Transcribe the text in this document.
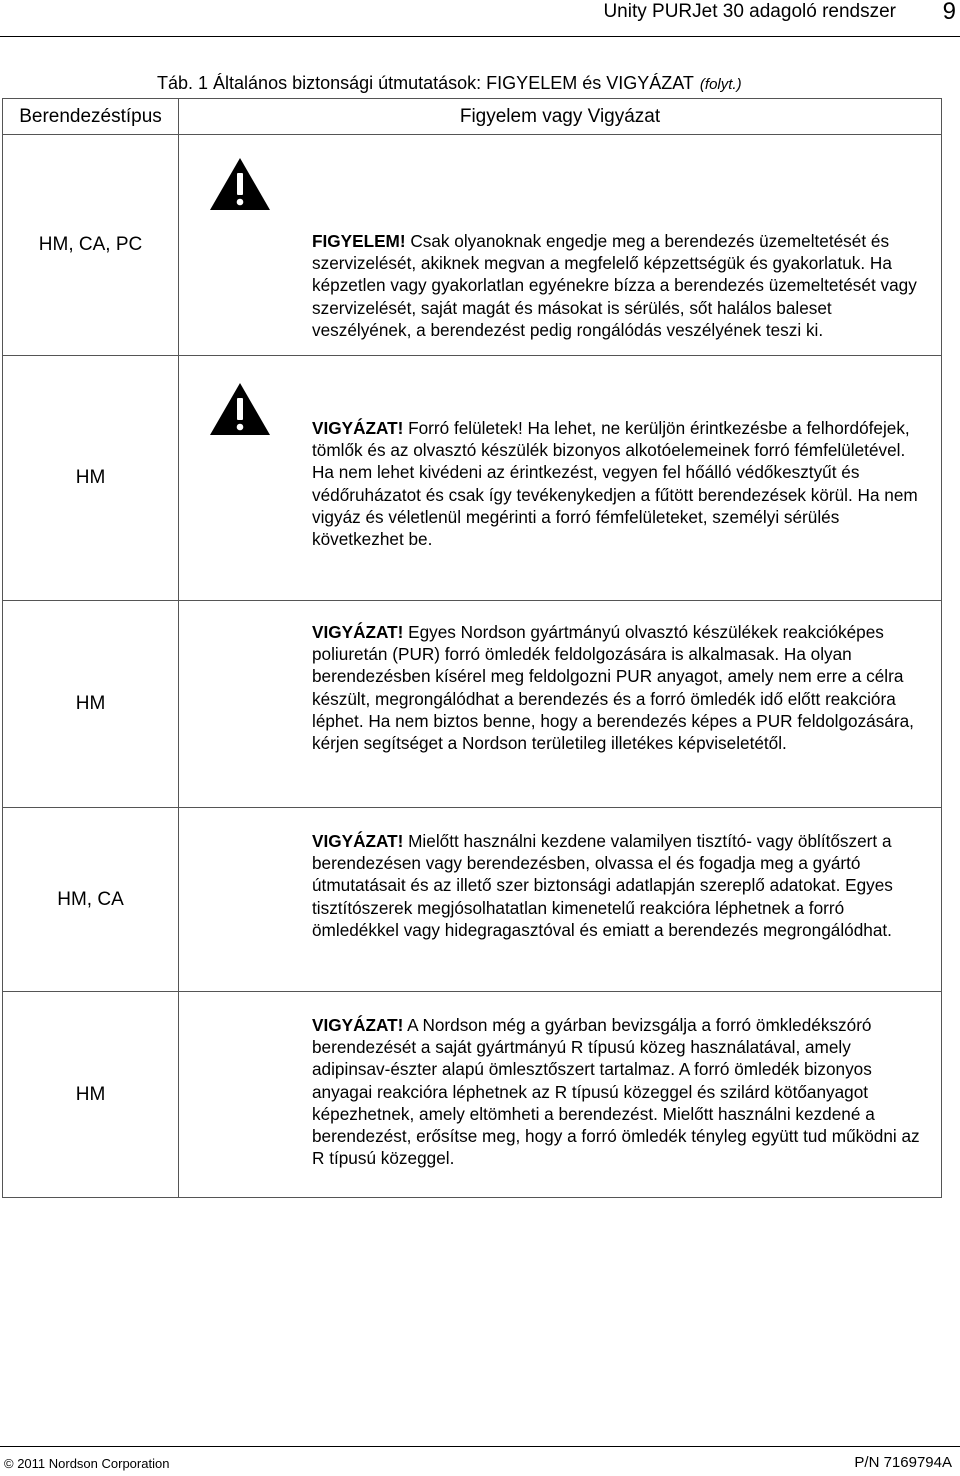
Unity PURJet 30 adagoló rendszer 9
Táb. 1 Általános biztonsági útmutatások: FIGYELEM és VIGYÁZAT (folyt.)
Berendezéstípus	Figyelem vagy Vigyázat
HM, CA, PC	FIGYELEM! Csak olyanoknak engedje meg a berendezés üzemeltetését és szervizelését, akiknek megvan a megfelelő képzettségük és gyakorlatuk. Ha képzetlen vagy gyakorlatlan egyénekre bízza a berendezés üzemeltetését vagy szervizelését, saját magát és másokat is sérülés, sőt halálos baleset veszélyének, a berendezést pedig rongálódás veszélyének teszi ki.

HM	VIGYÁZAT! Forró felületek! Ha lehet, ne kerüljön érintkezésbe a felhordófejek, tömlők és az olvasztó készülék bizonyos alkotóelemeinek forró fémfelületével. Ha nem lehet kivédeni az érintkezést, vegyen fel hőálló védőkesztyűt és védőruházatot és csak így tevékenykedjen a fűtött berendezések körül. Ha nem vigyáz és véletlenül megérinti a forró fémfelületeket, személyi sérülés következhet be.

HM	VIGYÁZAT! Egyes Nordson gyártmányú olvasztó készülékek reakcióképes poliuretán (PUR) forró ömledék feldolgozására is alkalmasak. Ha olyan berendezésben kísérel meg feldolgozni PUR anyagot, amely nem erre a célra készült, megrongálódhat a berendezés és a forró ömledék idő előtt reakcióra léphet. Ha nem biztos benne, hogy a berendezés képes a PUR feldolgozására, kérjen segítséget a Nordson területileg illetékes képviseletétől.

HM, CA	VIGYÁZAT! Mielőtt használni kezdene valamilyen tisztító- vagy öblítőszert a berendezésen vagy berendezésben, olvassa el és fogadja meg a gyártó útmutatásait és az illető szer biztonsági adatlapján szereplő adatokat. Egyes tisztítószerek megjósolhatatlan kimenetelű reakcióra léphetnek a forró ömledékkel vagy hidegragasztóval és emiatt a berendezés megrongálódhat.

HM	VIGYÁZAT! A Nordson még a gyárban bevizsgálja a forró ömkledékszóró berendezését a saját gyártmányú R típusú közeg használatával, amely adipinsav-észter alapú ömlesztőszert tartalmaz. A forró ömledék bizonyos anyagai reakcióra léphetnek az R típusú közeggel és szilárd kötőanyagot képezhetnek, amely eltömheti a berendezést. Mielőtt használni kezdené a berendezést, erősítse meg, hogy a forró ömledék tényleg együtt tud működni az R típusú közeggel.
© 2011 Nordson Corporation	P/N 7169794A
